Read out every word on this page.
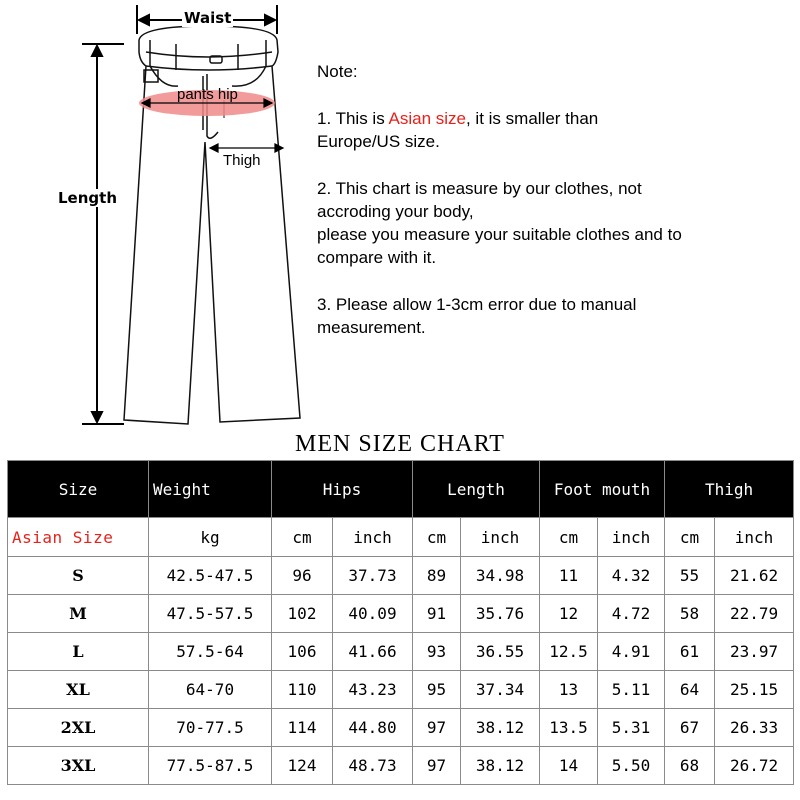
Waist
Length
pants hip
Thigh

Note:

1. This is Asian size, it is smaller than

Europe/US size.

2. This chart is measure by our clothes, not

accroding your body,

please you measure your suitable clothes and to

compare with it.

3. Please allow 1-3cm error due to manual

measurement.

MEN SIZE CHART
Size	Weight	Hips		Length		Foot mouth		Thigh	
Asian Size	kg	cm	inch	cm	inch	cm	inch	cm	inch
S	42.5-47.5	96	37.73	89	34.98	11	4.32	55	21.62
M	47.5-57.5	102	40.09	91	35.76	12	4.72	58	22.79
L	57.5-64	106	41.66	93	36.55	12.5	4.91	61	23.97
XL	64-70	110	43.23	95	37.34	13	5.11	64	25.15
2XL	70-77.5	114	44.80	97	38.12	13.5	5.31	67	26.33
3XL	77.5-87.5	124	48.73	97	38.12	14	5.50	68	26.72
